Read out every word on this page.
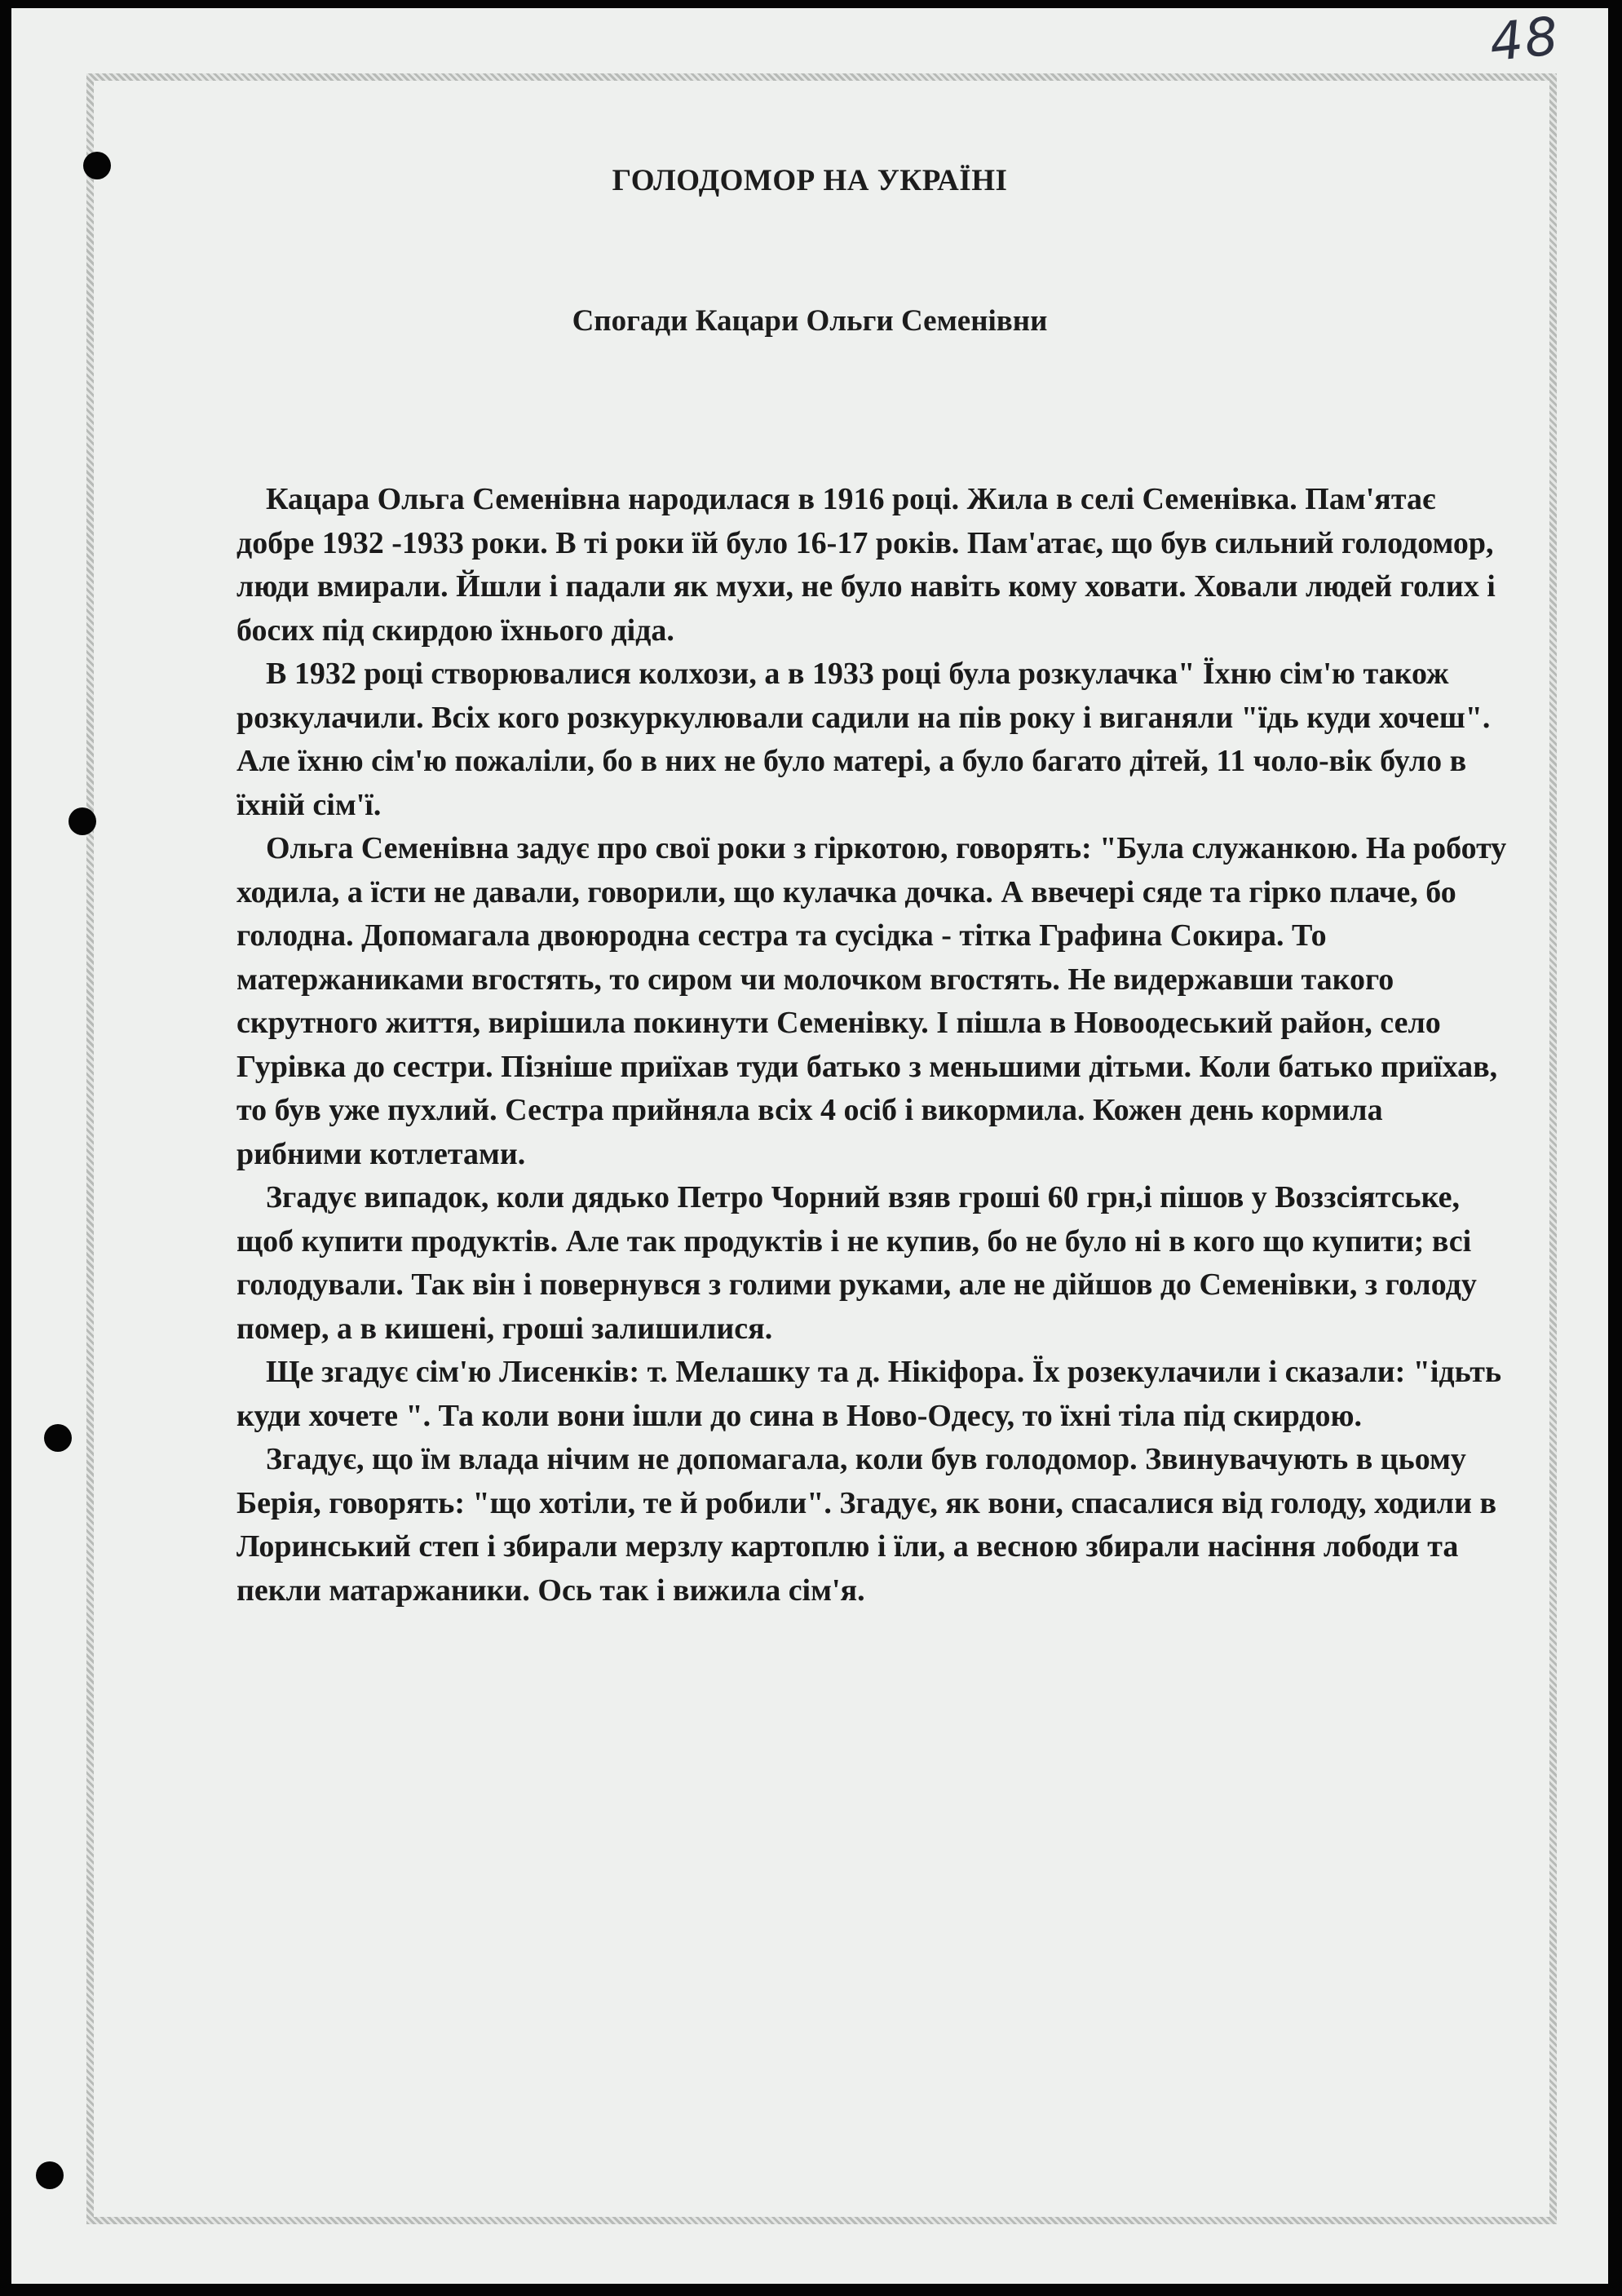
48
ГОЛОДОМОР НА УКРАЇНІ
Спогади Кацари Ольги Семенівни

Кацара Ольга Семенівна народилася в 1916 році. Жила в селі Семенівка. Пам'ятає добре 1932 -1933 роки. В ті роки їй було 16-17 років. Пам'атає, що був сильний голодомор, люди вмирали. Йшли і падали як мухи, не було навіть кому ховати. Ховали людей голих і босих під скирдою їхнього діда.

В 1932 році створювалися колхози, а в 1933 році була розкулачка" Їхню сім'ю також розкулачили. Всіх кого розкуркулювали садили на пів року і виганяли "їдь куди хочеш". Але їхню сім'ю пожаліли, бо в них не було матері, а було багато дітей, 11 чоло-вік було в їхній сім'ї.

Ольга Семенівна задує про свої роки з гіркотою, говорять: "Була служанкою. На роботу ходила, а їсти не давали, говорили, що кулачка дочка. А ввечері сяде та гірко плаче, бо голодна. Допомагала двоюродна сестра та сусідка - тітка Графина Сокира. То матержаниками вгостять, то сиром чи молочком вгостять. Не видержавши такого скрутного життя, вирішила покинути Семенівку. І пішла в Новоодеський район, село Гурівка до сестри. Пізніше приїхав туди батько з меньшими дітьми. Коли батько приїхав, то був уже пухлий. Сестра прийняла всіх 4 осіб і викормила. Кожен день кормила рибними котлетами.

Згадує випадок, коли дядько Петро Чорний взяв гроші 60 грн,і пішов у Воззсіятське, щоб купити продуктів. Але так продуктів і не купив, бо не було ні в кого що купити; всі голодували. Так він і повернувся з голими руками, але не дійшов до Семенівки, з голоду помер, а в кишені, гроші залишилися.

Ще згадує сім'ю Лисенків: т. Мелашку та д. Нікіфора. Їх розекулачили і сказали: "ідьть куди хочете ". Та коли вони ішли до сина в Ново-Одесу, то їхні тіла під скирдою.

Згадує, що їм влада нічим не допомагала, коли був голодомор. Звинувачують в цьому Берія, говорять: "що хотіли, те й робили". Згадує, як вони, спасалися від голоду, ходили в Лоринський степ і збирали мерзлу картоплю і їли, а весною збирали насіння лободи та пекли матаржаники. Ось так і вижила сім'я.
